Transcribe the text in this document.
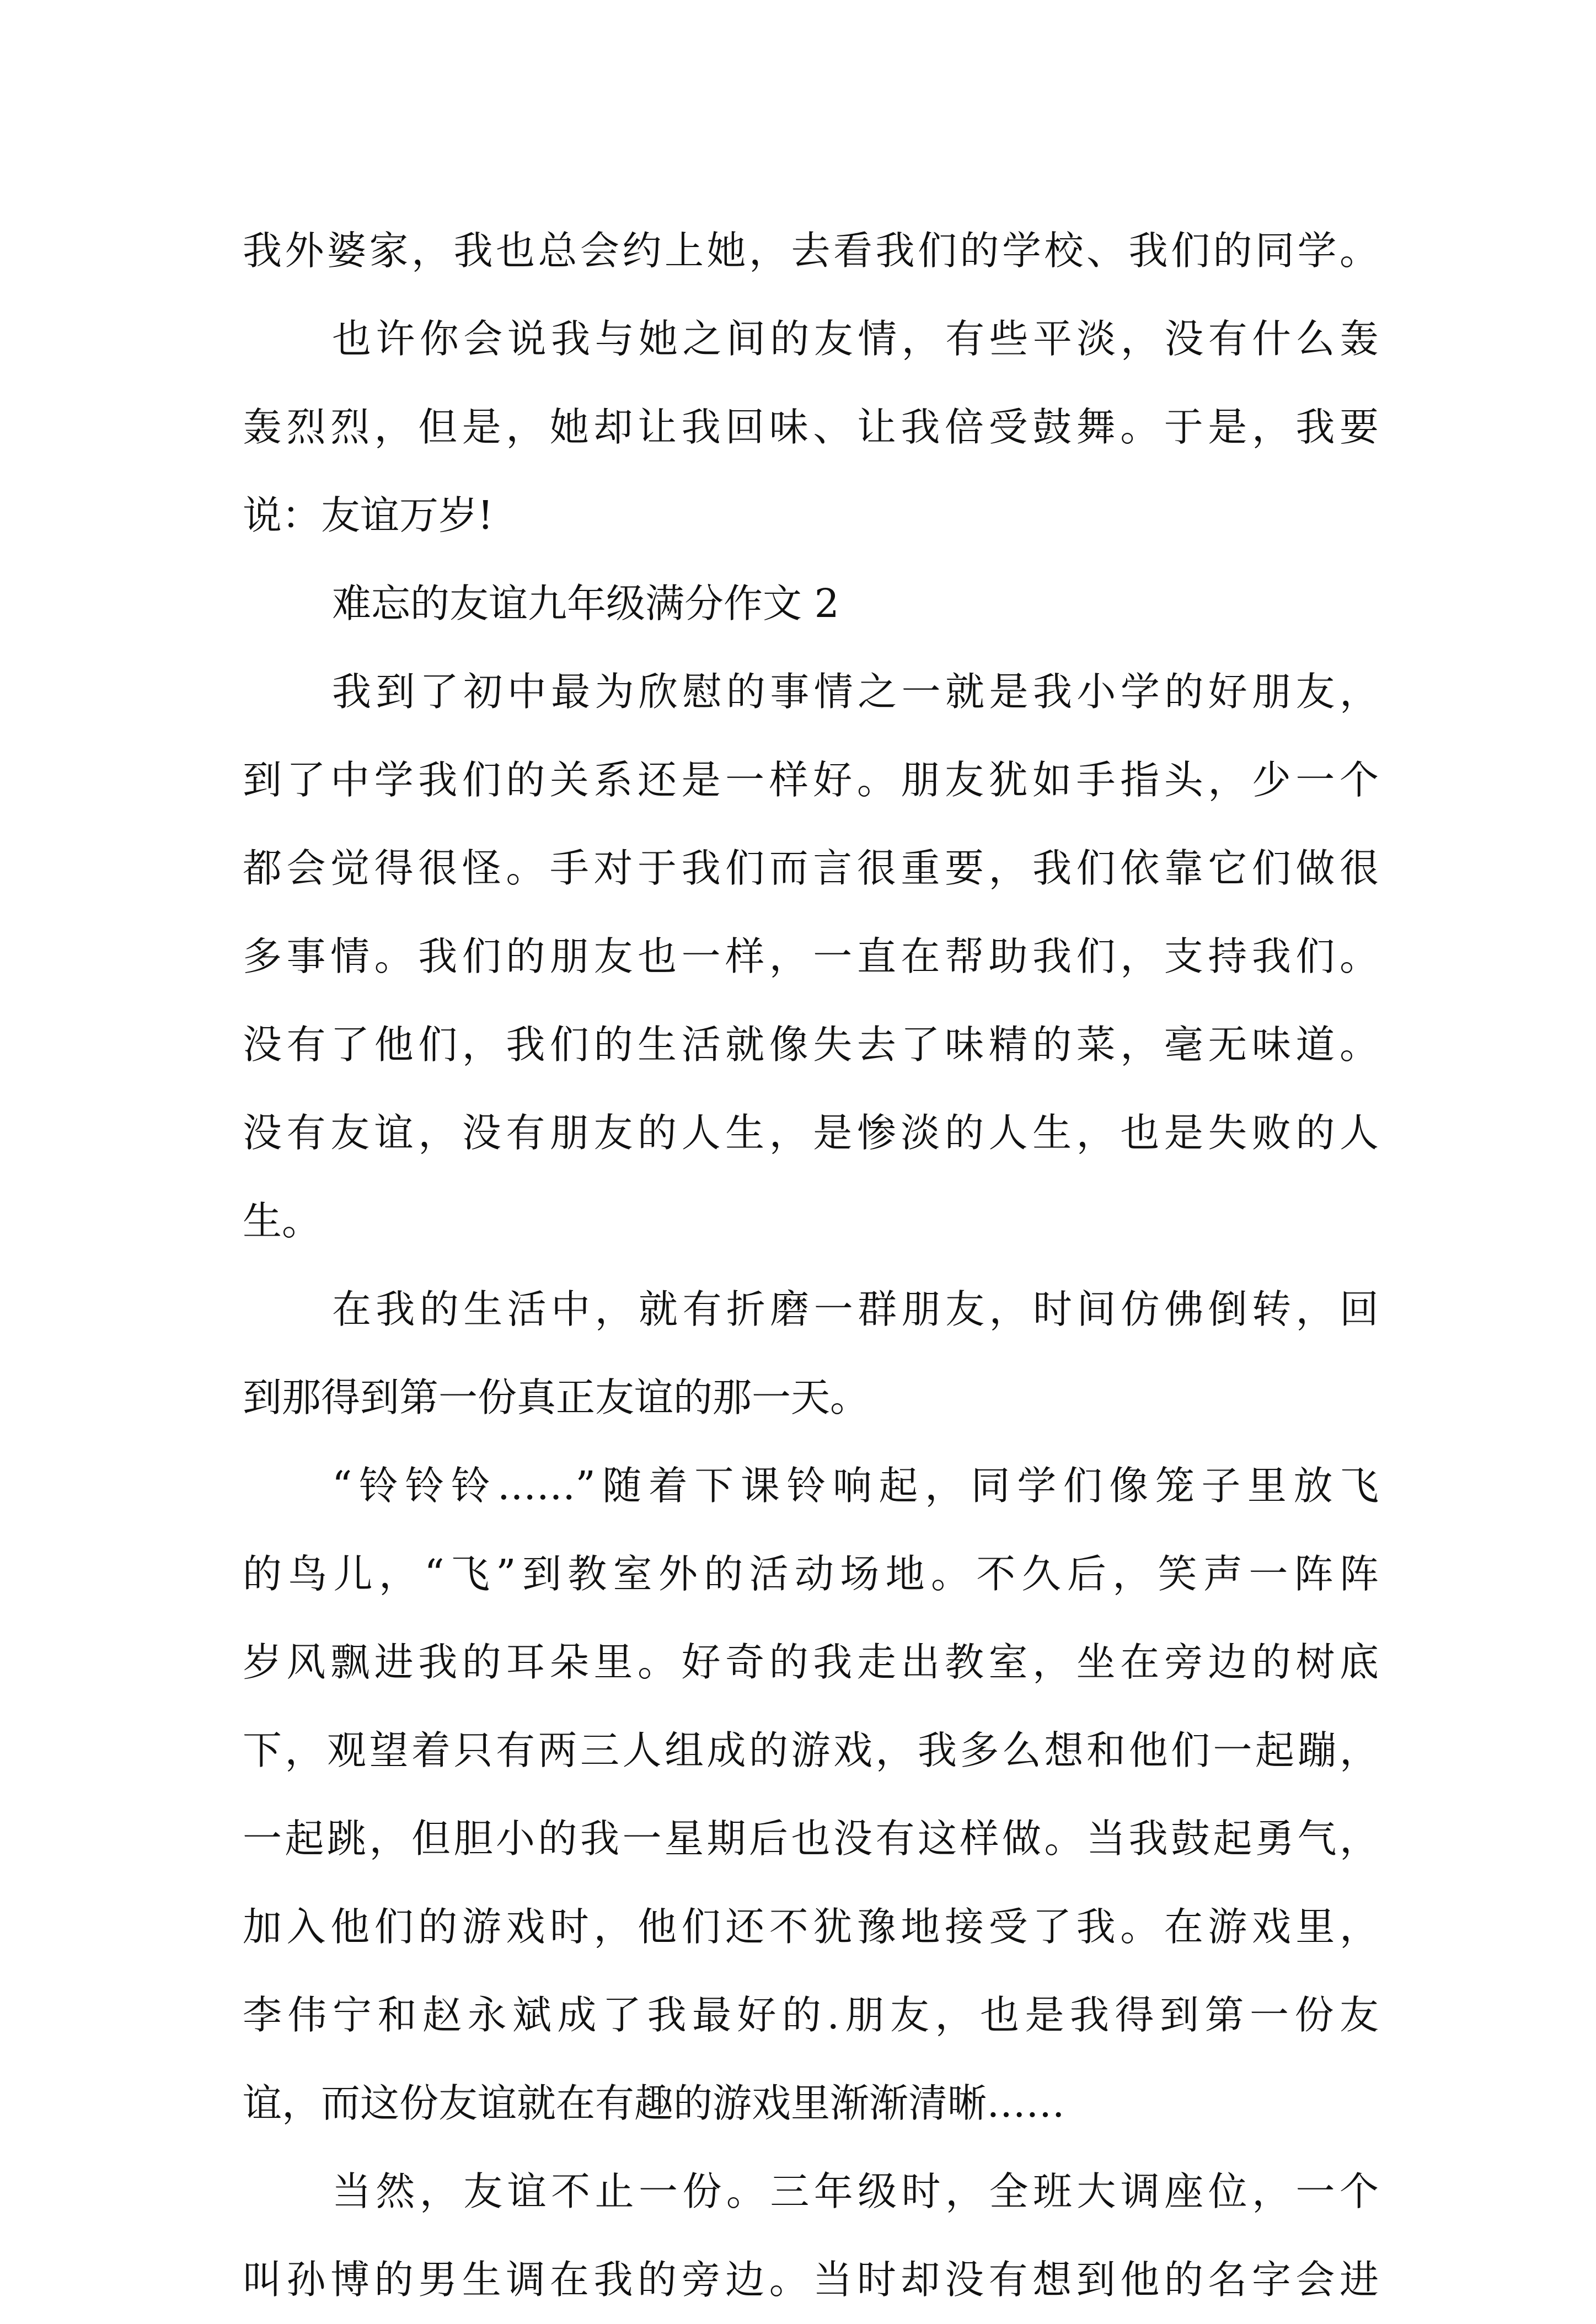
我外婆家，我也总会约上她，去看我们的学校、我们的同学。
也许你会说我与她之间的友情，有些平淡，没有什么轰
轰烈烈，但是，她却让我回味、让我倍受鼓舞。于是，我要
说：友谊万岁!
难忘的友谊九年级满分作文 2
我到了初中最为欣慰的事情之一就是我小学的好朋友，
到了中学我们的关系还是一样好。朋友犹如手指头，少一个
都会觉得很怪。手对于我们而言很重要，我们依靠它们做很
多事情。我们的朋友也一样，一直在帮助我们，支持我们。
没有了他们，我们的生活就像失去了味精的菜，毫无味道。
没有友谊，没有朋友的人生，是惨淡的人生，也是失败的人
生。
在我的生活中，就有折磨一群朋友，时间仿佛倒转，回
到那得到第一份真正友谊的那一天。
“铃铃铃……”随着下课铃响起，同学们像笼子里放飞
的鸟儿，“飞”到教室外的活动场地。不久后，笑声一阵阵
岁风飘进我的耳朵里。好奇的我走出教室，坐在旁边的树底
下，观望着只有两三人组成的游戏，我多么想和他们一起蹦，
一起跳，但胆小的我一星期后也没有这样做。当我鼓起勇气，
加入他们的游戏时，他们还不犹豫地接受了我。在游戏里，
李伟宁和赵永斌成了我最好的.朋友，也是我得到第一份友
谊，而这份友谊就在有趣的游戏里渐渐清晰……
当然，友谊不止一份。三年级时，全班大调座位，一个
叫孙博的男生调在我的旁边。当时却没有想到他的名字会进
